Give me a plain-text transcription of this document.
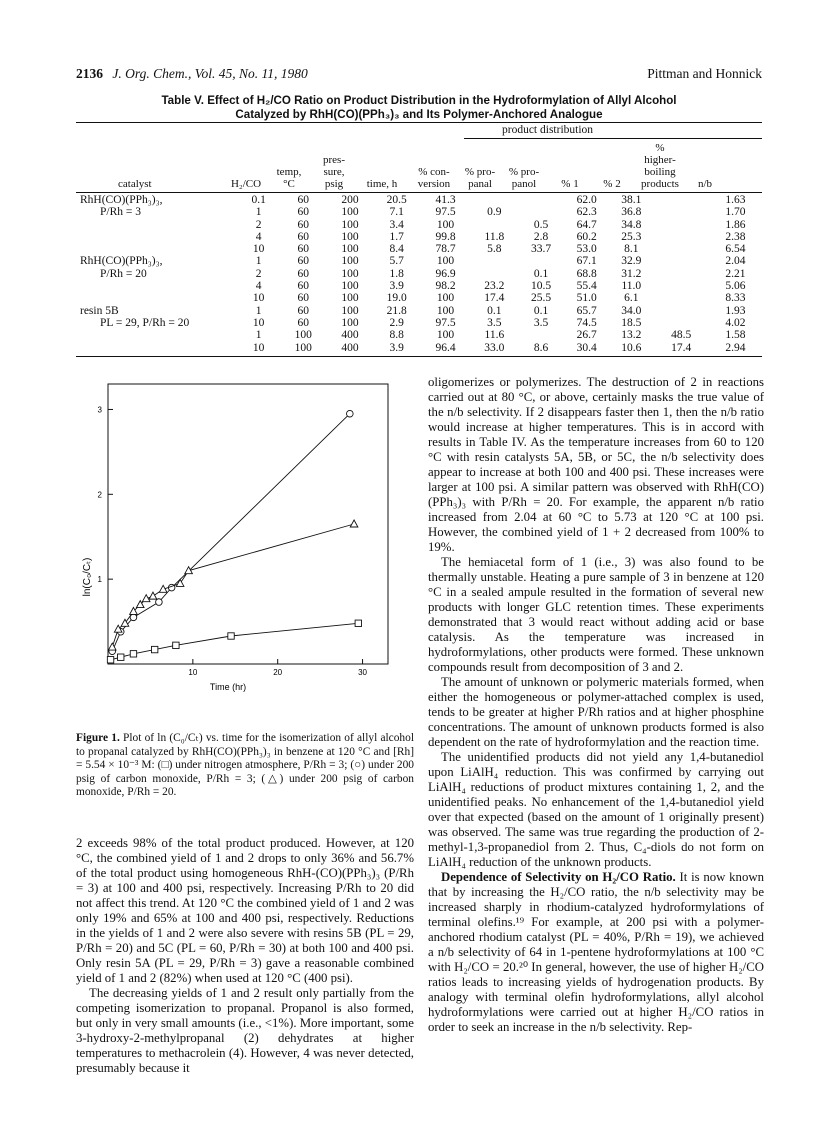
2136 J. Org. Chem., Vol. 45, No. 11, 1980	Pittman and Honnick
Table V. Effect of H₂/CO Ratio on Product Distribution in the Hydroformylation of Allyl Alcohol
Catalyzed by RhH(CO)(PPh₃)₃ and Its Polymer-Anchored Analogue
product distribution
catalyst	H₂/CO
temp,
°C
pres-
sure,
psig	time, h
% con-
version
% pro-
panal
% pro-
panol	% 1	% 2
%
higher-
boiling
products	n/b
RhH(CO)(PPh₃)₃,	0.1	60	200	20.5	41.3			62.0	38.1		1.63
P/Rh = 3	1	60	100	7.1	97.5	0.9		62.3	36.8		1.70
	2	60	100	3.4	100		0.5	64.7	34.8		1.86
	4	60	100	1.7	99.8	11.8	2.8	60.2	25.3		2.38
	10	60	100	8.4	78.7	5.8	33.7	53.0	8.1		6.54
RhH(CO)(PPh₃)₃,	1	60	100	5.7	100			67.1	32.9		2.04
P/Rh = 20	2	60	100	1.8	96.9		0.1	68.8	31.2		2.21
	4	60	100	3.9	98.2	23.2	10.5	55.4	11.0		5.06
	10	60	100	19.0	100	17.4	25.5	51.0	6.1		8.33
resin 5B	1	60	100	21.8	100	0.1	0.1	65.7	34.0		1.93
PL = 29, P/Rh = 20	10	60	100	2.9	97.5	3.5	3.5	74.5	18.5		4.02
	1	100	400	8.8	100	11.6		26.7	13.2	48.5	1.58
	10	100	400	3.9	96.4	33.0	8.6	30.4	10.6	17.4	2.94
10	20	30
1
2
3
ln(C₀/Cₜ)
Time (hr)
Figure 1. Plot of ln (C₀/Cₜ) vs. time for the isomerization of allyl alcohol to propanal catalyzed by RhH(CO)(PPh₃)₃ in benzene at 120 °C and [Rh] = 5.54 × 10⁻³ M: (□) under nitrogen atmosphere, P/Rh = 3; (○) under 200 psig of carbon monoxide, P/Rh = 3; (△) under 200 psig of carbon monoxide, P/Rh = 20.

2 exceeds 98% of the total product produced. However, at 120 °C, the combined yield of 1 and 2 drops to only 36% and 56.7% of the total product using homogeneous RhH-(CO)(PPh₃)₃ (P/Rh = 3) at 100 and 400 psi, respectively. Increasing P/Rh to 20 did not affect this trend. At 120 °C the combined yield of 1 and 2 was only 19% and 65% at 100 and 400 psi, respectively. Reductions in the yields of 1 and 2 were also severe with resins 5B (PL = 29, P/Rh = 20) and 5C (PL = 60, P/Rh = 30) at both 100 and 400 psi. Only resin 5A (PL = 29, P/Rh = 3) gave a reasonable combined yield of 1 and 2 (82%) when used at 120 °C (400 psi).

The decreasing yields of 1 and 2 result only partially from the competing isomerization to propanal. Propanol is also formed, but only in very small amounts (i.e., <1%). More important, some 3-hydroxy-2-methylpropanal (2) dehydrates at higher temperatures to methacrolein (4). However, 4 was never detected, presumably because it

oligomerizes or polymerizes. The destruction of 2 in reactions carried out at 80 °C, or above, certainly masks the true value of the n/b selectivity. If 2 disappears faster then 1, then the n/b ratio would increase at higher temperatures. This is in accord with results in Table IV. As the temperature increases from 60 to 120 °C with resin catalysts 5A, 5B, or 5C, the n/b selectivity does appear to increase at both 100 and 400 psi. These increases were larger at 100 psi. A similar pattern was observed with RhH(CO)(PPh₃)₃ with P/Rh = 20. For example, the apparent n/b ratio increased from 2.04 at 60 °C to 5.73 at 120 °C at 100 psi. However, the combined yield of 1 + 2 decreased from 100% to 19%.

The hemiacetal form of 1 (i.e., 3) was also found to be thermally unstable. Heating a pure sample of 3 in benzene at 120 °C in a sealed ampule resulted in the formation of several new products with longer GLC retention times. These experiments demonstrated that 3 would react without adding acid or base catalysis. As the temperature was increased in hydroformylations, other products were formed. These unknown compounds result from decomposition of 3 and 2.

The amount of unknown or polymeric materials formed, when either the homogeneous or polymer-attached complex is used, tends to be greater at higher P/Rh ratios and at higher phosphine concentrations. The amount of unknown products formed is also dependent on the rate of hydroformylation and the reaction time.

The unidentified products did not yield any 1,4-butanediol upon LiAlH₄ reduction. This was confirmed by carrying out LiAlH₄ reductions of product mixtures containing 1, 2, and the unidentified peaks. No enhancement of the 1,4-butanediol yield over that expected (based on the amount of 1 originally present) was observed. The same was true regarding the production of 2-methyl-1,3-propanediol from 2. Thus, C₄-diols do not form on LiAlH₄ reduction of the unknown products.

Dependence of Selectivity on H₂/CO Ratio. It is now known that by increasing the H₂/CO ratio, the n/b selectivity may be increased sharply in rhodium-catalyzed hydroformylations of terminal olefins.¹⁹ For example, at 200 psi with a polymer-anchored rhodium catalyst (PL = 40%, P/Rh = 19), we achieved a n/b selectivity of 64 in 1-pentene hydroformylations at 100 °C with H₂/CO = 20.²⁰ In general, however, the use of higher H₂/CO ratios leads to increasing yields of hydrogenation products. By analogy with terminal olefin hydroformylations, allyl alcohol hydroformylations were carried out at higher H₂/CO ratios in order to seek an increase in the n/b selectivity. Rep-
